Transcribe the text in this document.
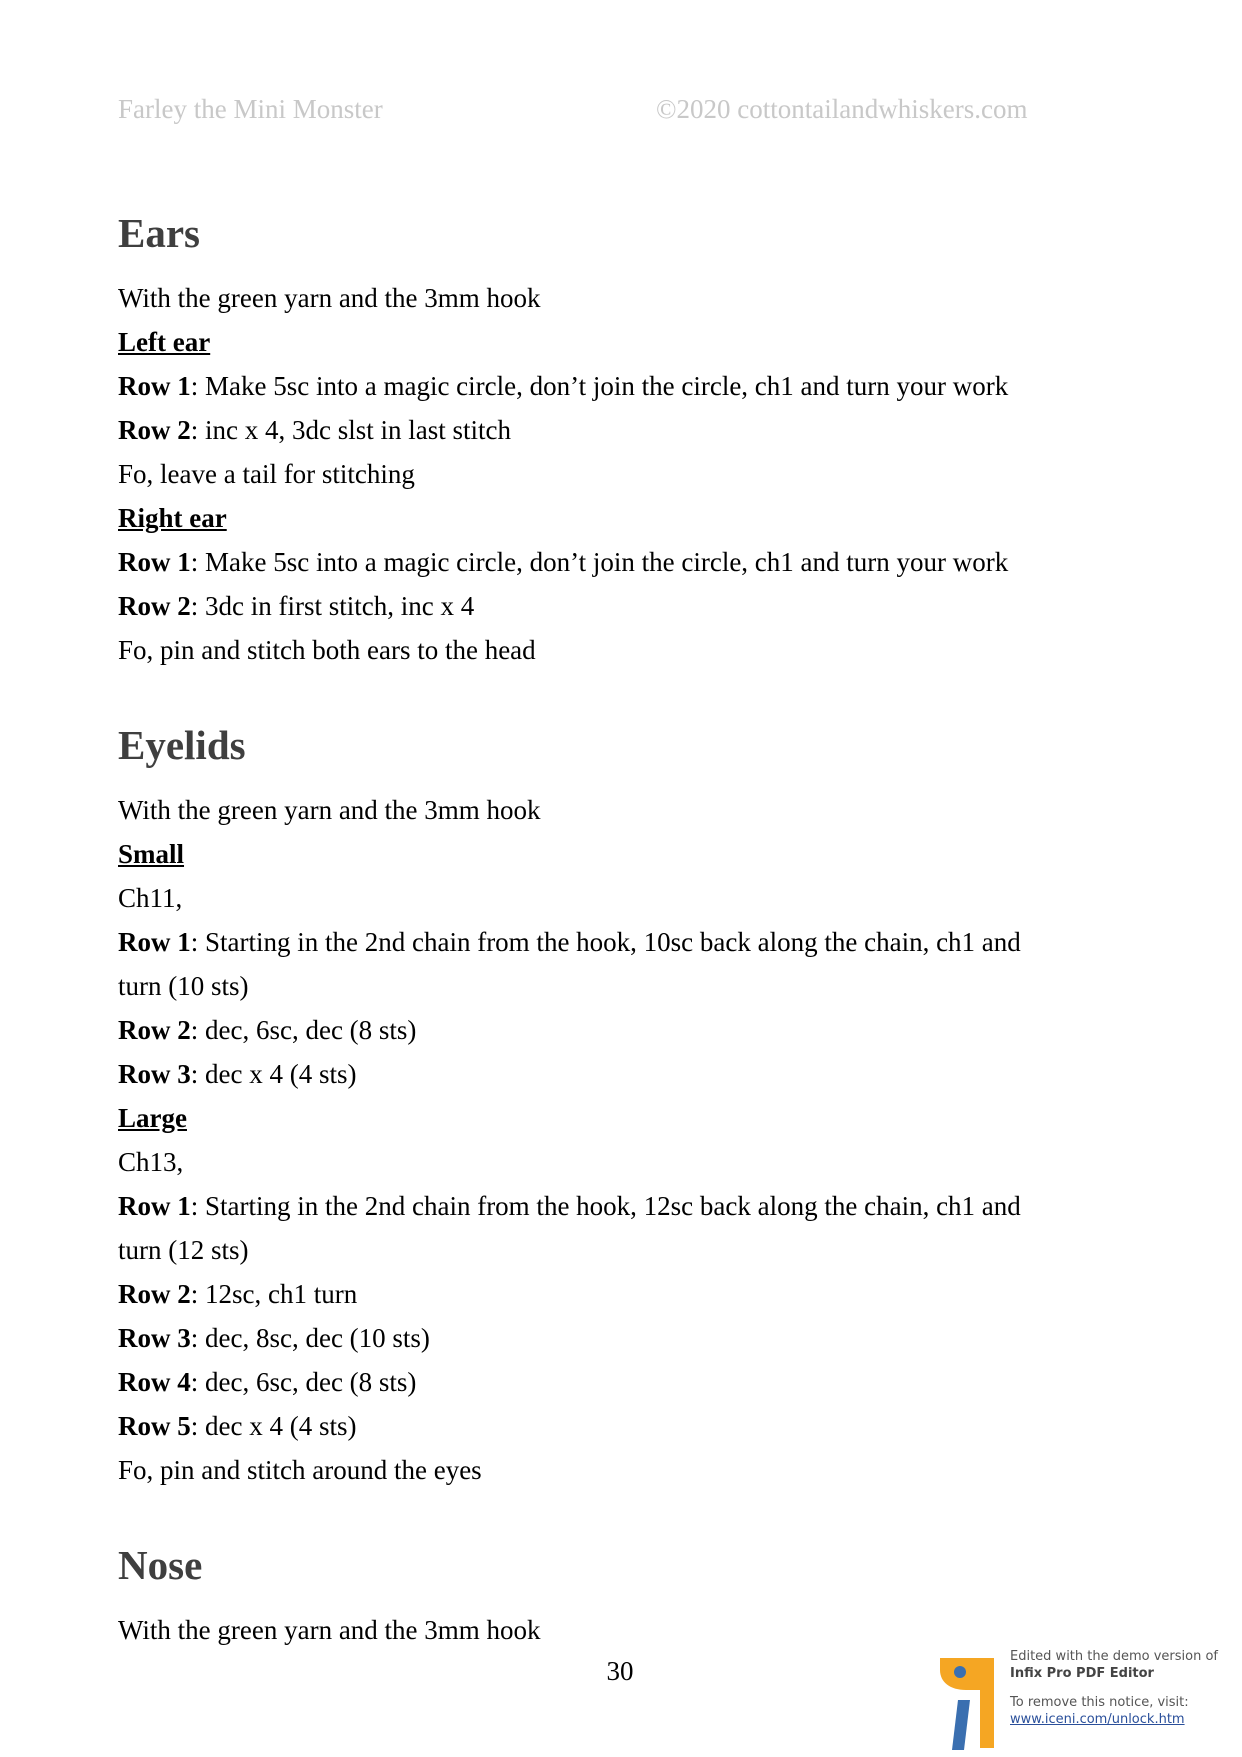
Farley the Mini Monster	©2020 cottontailandwhiskers.com
Ears

With the green yarn and the 3mm hook

Left ear

Row 1: Make 5sc into a magic circle, don’t join the circle, ch1 and turn your work

Row 2: inc x 4, 3dc slst in last stitch

Fo, leave a tail for stitching

Right ear

Row 1: Make 5sc into a magic circle, don’t join the circle, ch1 and turn your work

Row 2: 3dc in first stitch, inc x 4

Fo, pin and stitch both ears to the head

Eyelids

With the green yarn and the 3mm hook

Small

Ch11,

Row 1: Starting in the 2nd chain from the hook, 10sc back along the chain, ch1 and

turn (10 sts)

Row 2: dec, 6sc, dec (8 sts)

Row 3: dec x 4 (4 sts)

Large

Ch13,

Row 1: Starting in the 2nd chain from the hook, 12sc back along the chain, ch1 and

turn (12 sts)

Row 2: 12sc, ch1 turn

Row 3: dec, 8sc, dec (10 sts)

Row 4: dec, 6sc, dec (8 sts)

Row 5: dec x 4 (4 sts)

Fo, pin and stitch around the eyes

Nose

With the green yarn and the 3mm hook

30	Edited with the demo version of
Infix Pro PDF Editor
To remove this notice, visit:
www.iceni.com/unlock.htm
